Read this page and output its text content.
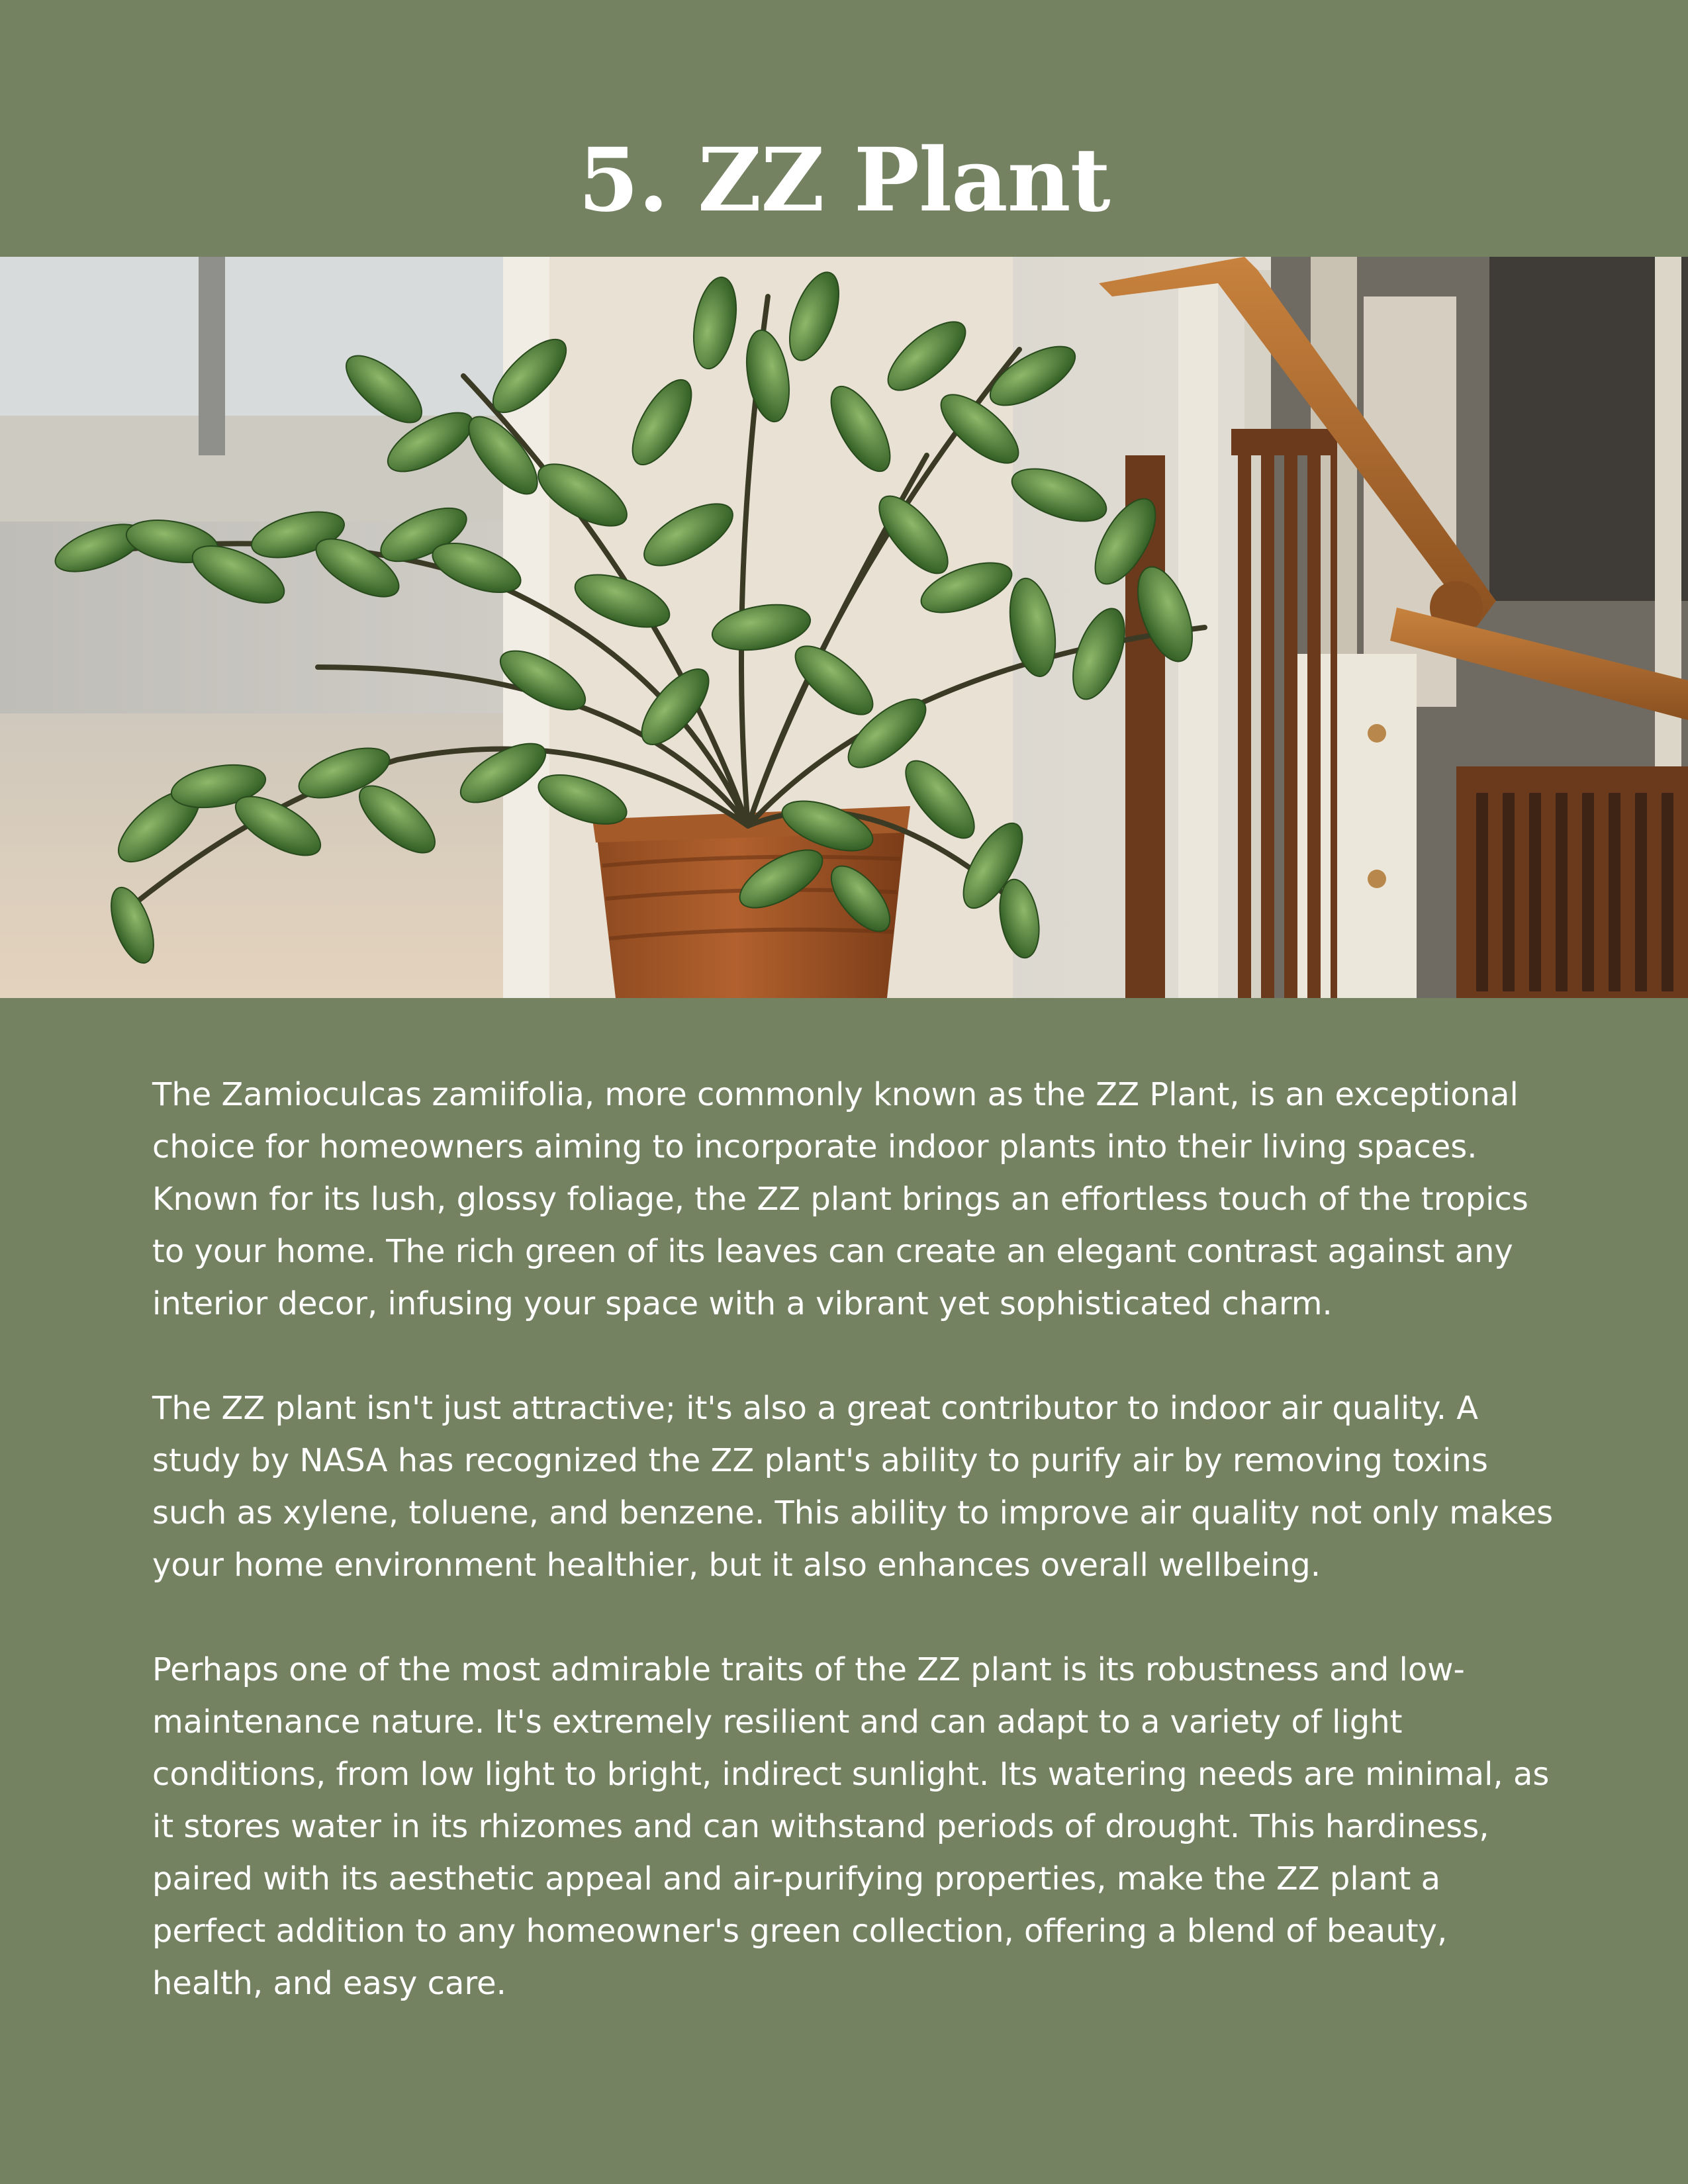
5. ZZ Plant

The Zamioculcas zamiifolia, more commonly known as the ZZ Plant, is an exceptional choice for homeowners aiming to incorporate indoor plants into their living spaces. Known for its lush, glossy foliage, the ZZ plant brings an effortless touch of the tropics to your home. The rich green of its leaves can create an elegant contrast against any interior decor, infusing your space with a vibrant yet sophisticated charm.

The ZZ plant isn't just attractive; it's also a great contributor to indoor air quality. A study by NASA has recognized the ZZ plant's ability to purify air by removing toxins such as xylene, toluene, and benzene. This ability to improve air quality not only makes your home environment healthier, but it also enhances overall wellbeing.

Perhaps one of the most admirable traits of the ZZ plant is its robustness and low-maintenance nature. It's extremely resilient and can adapt to a variety of light conditions, from low light to bright, indirect sunlight. Its watering needs are minimal, as it stores water in its rhizomes and can withstand periods of drought. This hardiness, paired with its aesthetic appeal and air-purifying properties, make the ZZ plant a perfect addition to any homeowner's green collection, offering a blend of beauty, health, and easy care.
